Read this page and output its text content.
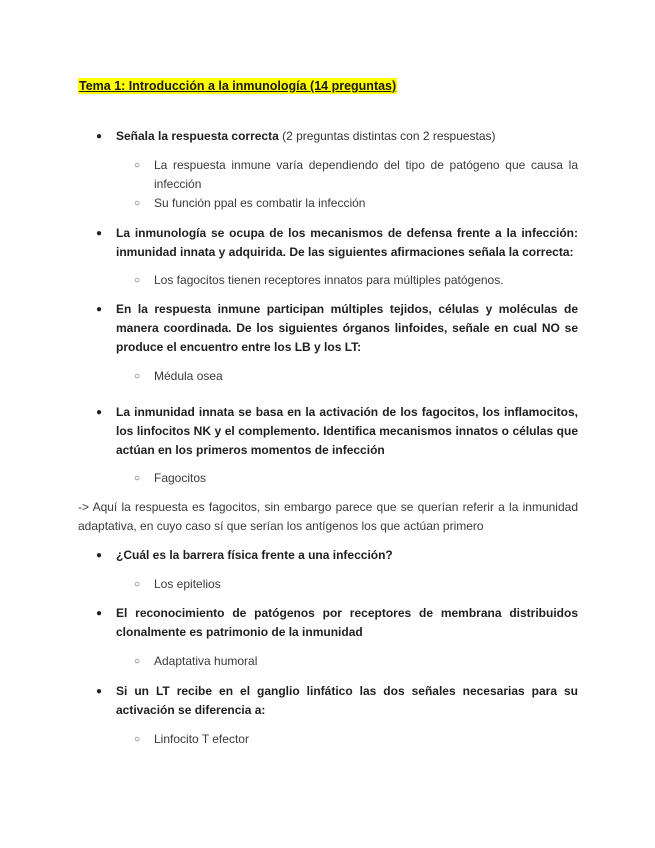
Tema 1: Introducción a la inmunología (14 preguntas)
● Señala la respuesta correcta (2 preguntas distintas con 2 respuestas)

○ La respuesta inmune varía dependiendo del tipo de patógeno que causa la infección

○ Su función ppal es combatir la infección

● La inmunología se ocupa de los mecanismos de defensa frente a la infección: inmunidad innata y adquirida. De las siguientes afirmaciones señala la correcta:

○ Los fagocitos tienen receptores innatos para múltiples patógenos.

● En la respuesta inmune participan múltiples tejidos, células y moléculas de manera coordinada. De los siguientes órganos linfoides, señale en cual NO se produce el encuentro entre los LB y los LT:

○ Médula osea

● La inmunidad innata se basa en la activación de los fagocitos, los inflamocitos, los linfocitos NK y el complemento. Identifica mecanismos innatos o células que actúan en los primeros momentos de infección

○ Fagocitos

-> Aquí la respuesta es fagocitos, sin embargo parece que se querían referir a la inmunidad adaptativa, en cuyo caso sí que serían los antígenos los que actúan primero

● ¿Cuál es la barrera física frente a una infección?

○ Los epitelios

● El reconocimiento de patógenos por receptores de membrana distribuidos clonalmente es patrimonio de la inmunidad

○ Adaptativa humoral

● Si un LT recibe en el ganglio linfático las dos señales necesarias para su activación se diferencia a:

○ Linfocito T efector
